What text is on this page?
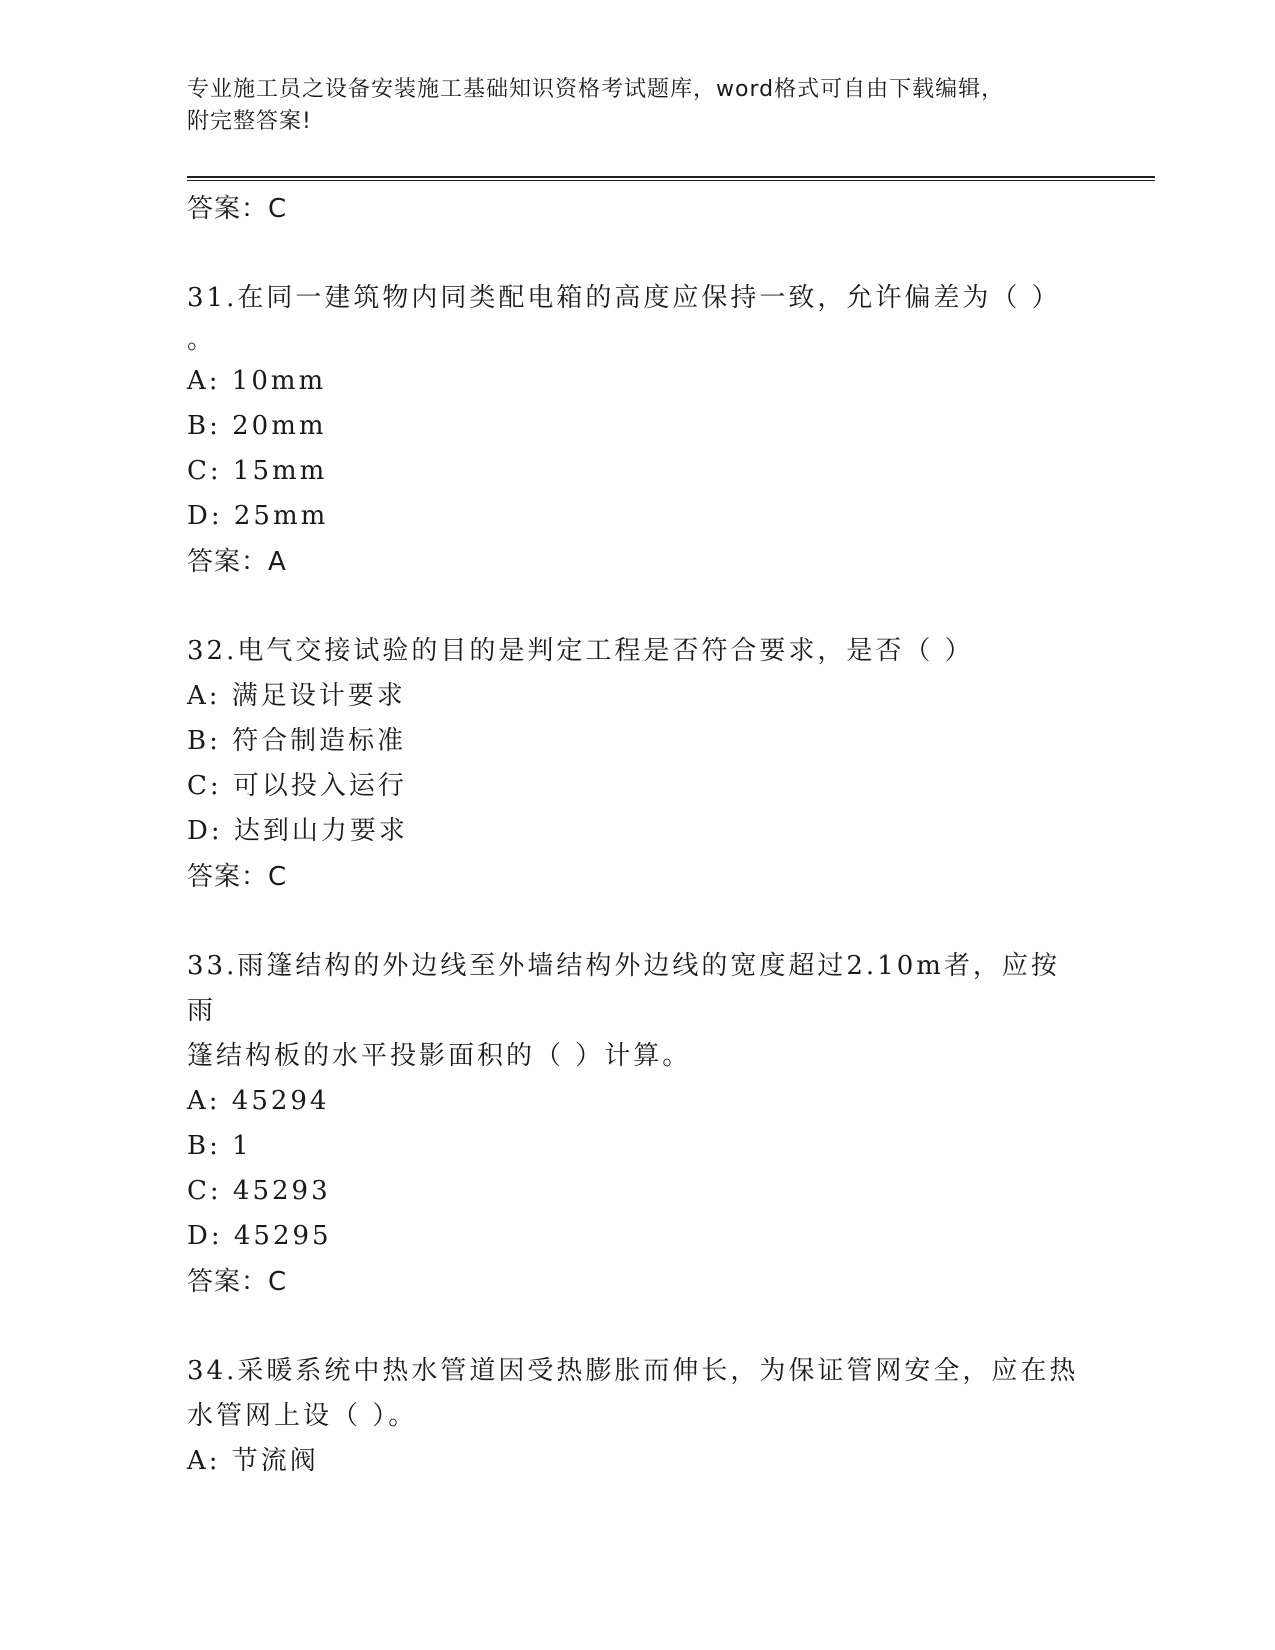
专业施工员之设备安装施工基础知识资格考试题库，word格式可自由下载编辑，
附完整答案!
答案：C
31.在同一建筑物内同类配电箱的高度应保持一致，允许偏差为（ ）
。
A: 10mm
B: 20mm
C: 15mm
D: 25mm
答案：A
32.电气交接试验的目的是判定工程是否符合要求，是否（ ）
A: 满足设计要求
B: 符合制造标准
C: 可以投入运行
D: 达到山力要求
答案：C
33.雨篷结构的外边线至外墙结构外边线的宽度超过2.10m者，应按雨
篷结构板的水平投影面积的（ ）计算。
A: 45294
B: 1
C: 45293
D: 45295
答案：C
34.采暖系统中热水管道因受热膨胀而伸长，为保证管网安全，应在热
水管网上设（ ）。
A: 节流阀
